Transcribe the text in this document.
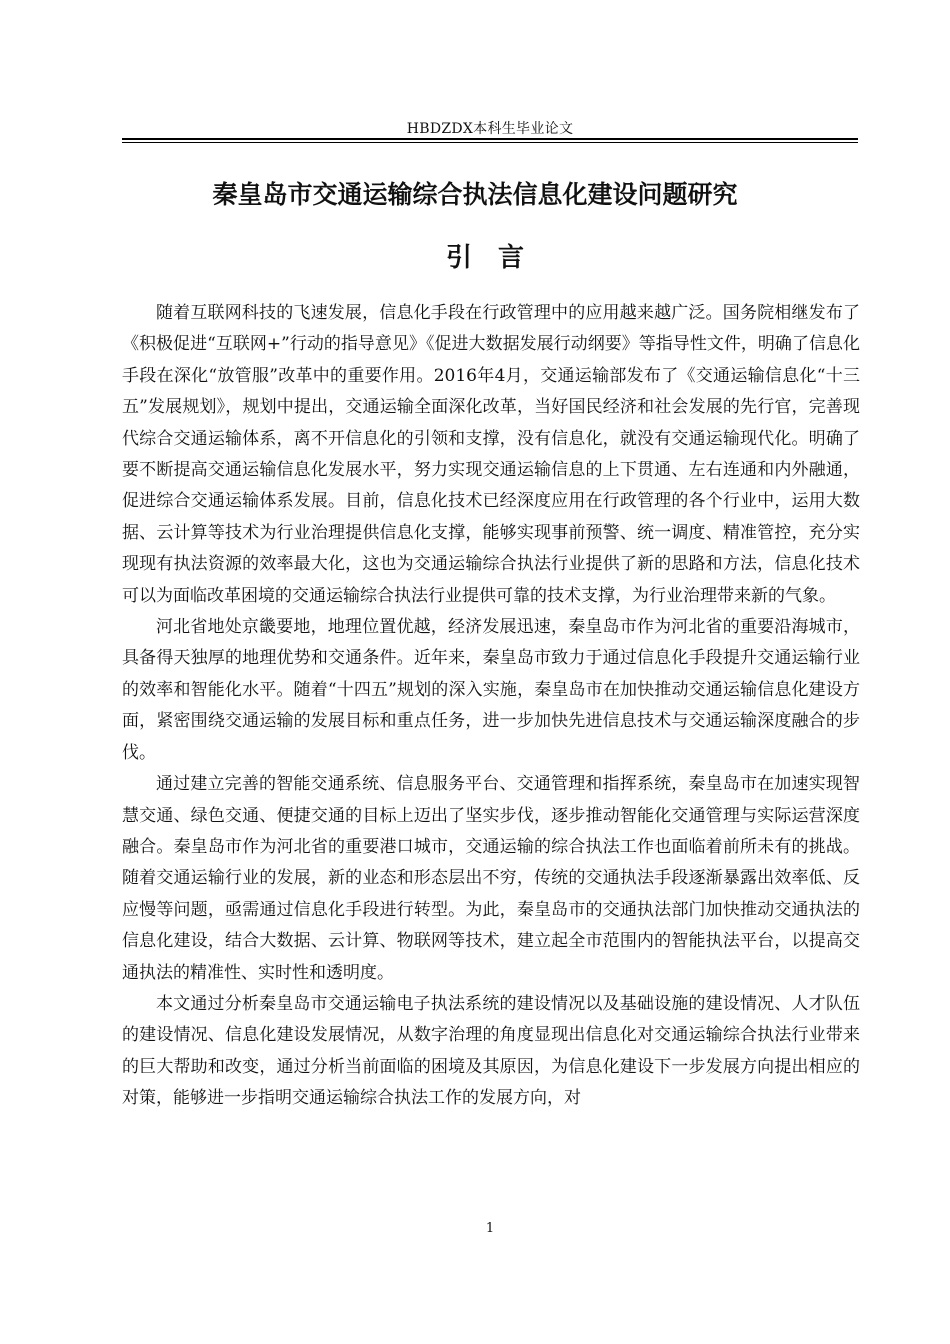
HBDZDX本科生毕业论文
秦皇岛市交通运输综合执法信息化建设问题研究
引　言

随着互联网科技的飞速发展，信息化手段在行政管理中的应用越来越广泛。国务院相继发布了《积极促进“互联网+”行动的指导意见》《促进大数据发展行动纲要》等指导性文件，明确了信息化手段在深化“放管服”改革中的重要作用。2016年4月，交通运输部发布了《交通运输信息化“十三五”发展规划》，规划中提出，交通运输全面深化改革，当好国民经济和社会发展的先行官，完善现代综合交通运输体系，离不开信息化的引领和支撑，没有信息化，就没有交通运输现代化。明确了要不断提高交通运输信息化发展水平，努力实现交通运输信息的上下贯通、左右连通和内外融通，促进综合交通运输体系发展。目前，信息化技术已经深度应用在行政管理的各个行业中，运用大数据、云计算等技术为行业治理提供信息化支撑，能够实现事前预警、统一调度、精准管控，充分实现现有执法资源的效率最大化，这也为交通运输综合执法行业提供了新的思路和方法，信息化技术可以为面临改革困境的交通运输综合执法行业提供可靠的技术支撑，为行业治理带来新的气象。

河北省地处京畿要地，地理位置优越，经济发展迅速，秦皇岛市作为河北省的重要沿海城市，具备得天独厚的地理优势和交通条件。近年来，秦皇岛市致力于通过信息化手段提升交通运输行业的效率和智能化水平。随着“十四五”规划的深入实施，秦皇岛市在加快推动交通运输信息化建设方面，紧密围绕交通运输的发展目标和重点任务，进一步加快先进信息技术与交通运输深度融合的步伐。

通过建立完善的智能交通系统、信息服务平台、交通管理和指挥系统，秦皇岛市在加速实现智慧交通、绿色交通、便捷交通的目标上迈出了坚实步伐，逐步推动智能化交通管理与实际运营深度融合。秦皇岛市作为河北省的重要港口城市，交通运输的综合执法工作也面临着前所未有的挑战。随着交通运输行业的发展，新的业态和形态层出不穷，传统的交通执法手段逐渐暴露出效率低、反应慢等问题，亟需通过信息化手段进行转型。为此，秦皇岛市的交通执法部门加快推动交通执法的信息化建设，结合大数据、云计算、物联网等技术，建立起全市范围内的智能执法平台，以提高交通执法的精准性、实时性和透明度。

本文通过分析秦皇岛市交通运输电子执法系统的建设情况以及基础设施的建设情况、人才队伍的建设情况、信息化建设发展情况，从数字治理的角度显现出信息化对交通运输综合执法行业带来的巨大帮助和改变，通过分析当前面临的困境及其原因，为信息化建设下一步发展方向提出相应的对策，能够进一步指明交通运输综合执法工作的发展方向，对

1
